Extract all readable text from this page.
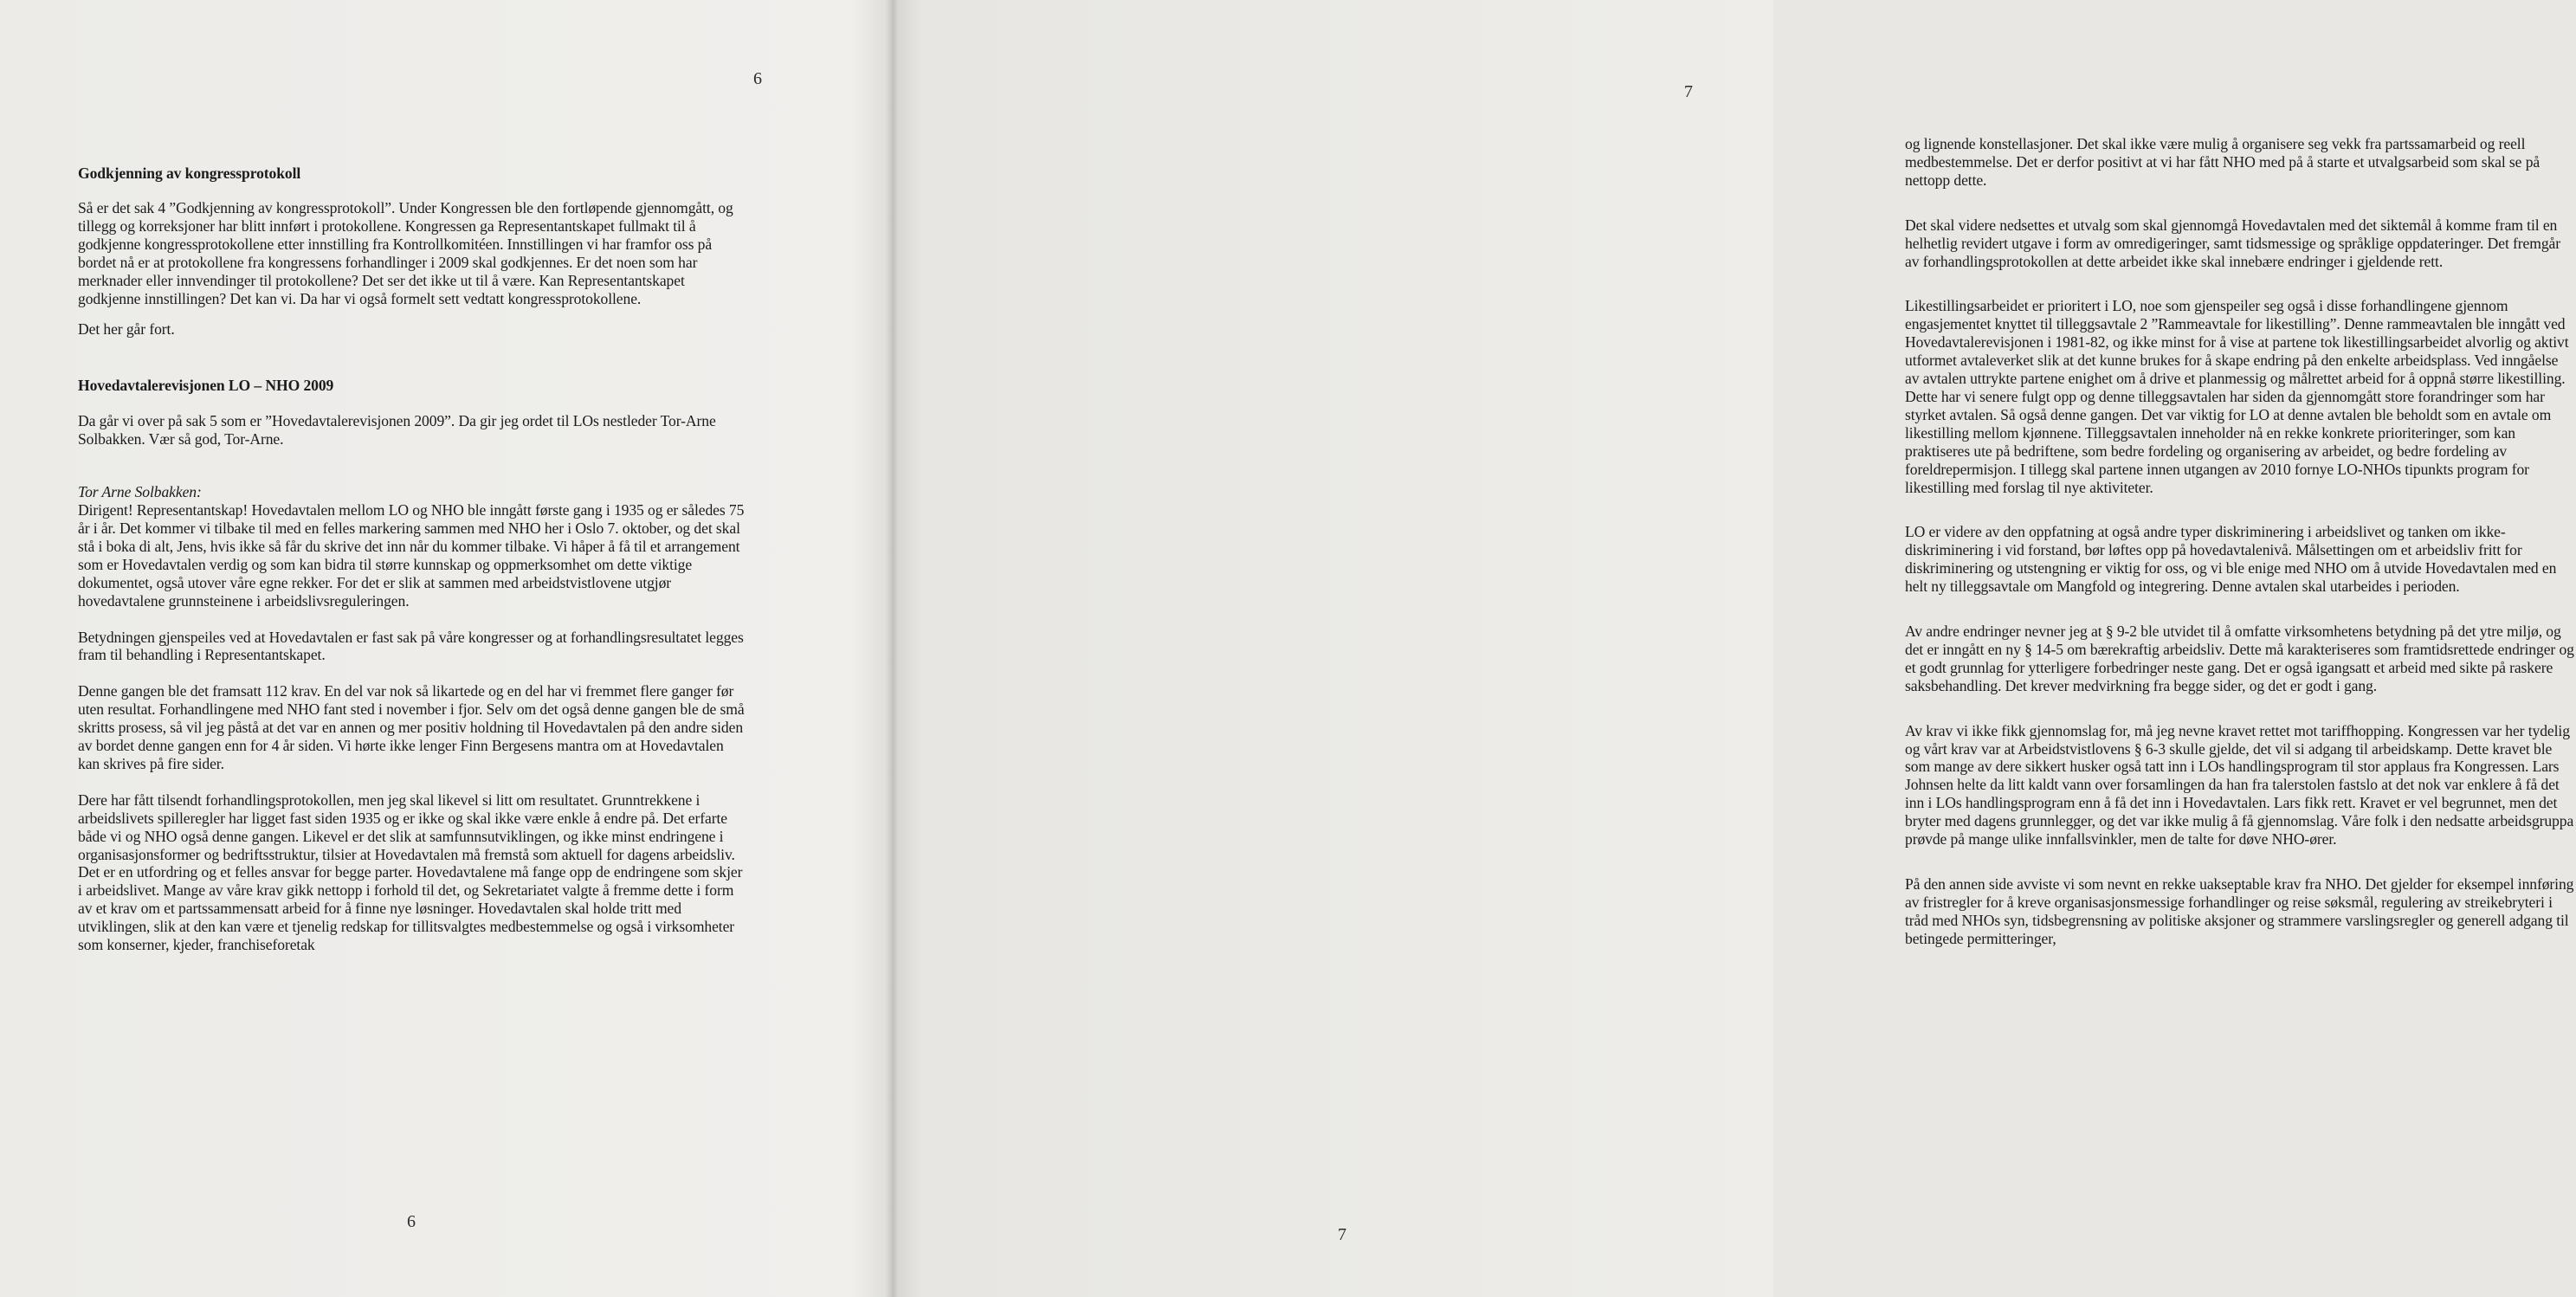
6

Godkjenning av kongressprotokoll

Så er det sak 4 ”Godkjenning av kongressprotokoll”. Under Kongressen ble den fortløpende gjennomgått, og tillegg og korreksjoner har blitt innført i protokollene. Kongressen ga Representantskapet fullmakt til å godkjenne kongressprotokollene etter innstilling fra Kontrollkomitéen. Innstillingen vi har framfor oss på bordet nå er at protokollene fra kongressens forhandlinger i 2009 skal godkjennes. Er det noen som har merknader eller innvendinger til protokollene? Det ser det ikke ut til å være. Kan Representantskapet godkjenne innstillingen? Det kan vi. Da har vi også formelt sett vedtatt kongressprotokollene.

Det her går fort.

Hovedavtalerevisjonen LO – NHO 2009

Da går vi over på sak 5 som er ”Hovedavtalerevisjonen 2009”. Da gir jeg ordet til LOs nestleder Tor-Arne Solbakken. Vær så god, Tor-Arne.

Tor Arne Solbakken:

Dirigent! Representantskap! Hovedavtalen mellom LO og NHO ble inngått første gang i 1935 og er således 75 år i år. Det kommer vi tilbake til med en felles markering sammen med NHO her i Oslo 7. oktober, og det skal stå i boka di alt, Jens, hvis ikke så får du skrive det inn når du kommer tilbake. Vi håper å få til et arrangement som er Hovedavtalen verdig og som kan bidra til større kunnskap og oppmerksomhet om dette viktige dokumentet, også utover våre egne rekker. For det er slik at sammen med arbeidstvistlovene utgjør hovedavtalene grunnsteinene i arbeidslivsreguleringen.

Betydningen gjenspeiles ved at Hovedavtalen er fast sak på våre kongresser og at forhandlingsresultatet legges fram til behandling i Representantskapet.

Denne gangen ble det framsatt 112 krav. En del var nok så likartede og en del har vi fremmet flere ganger før uten resultat. Forhandlingene med NHO fant sted i november i fjor. Selv om det også denne gangen ble de små skritts prosess, så vil jeg påstå at det var en annen og mer positiv holdning til Hovedavtalen på den andre siden av bordet denne gangen enn for 4 år siden. Vi hørte ikke lenger Finn Bergesens mantra om at Hovedavtalen kan skrives på fire sider.

Dere har fått tilsendt forhandlingsprotokollen, men jeg skal likevel si litt om resultatet. Grunntrekkene i arbeidslivets spilleregler har ligget fast siden 1935 og er ikke og skal ikke være enkle å endre på. Det erfarte både vi og NHO også denne gangen. Likevel er det slik at samfunnsutviklingen, og ikke minst endringene i organisasjonsformer og bedriftsstruktur, tilsier at Hovedavtalen må fremstå som aktuell for dagens arbeidsliv. Det er en utfordring og et felles ansvar for begge parter. Hovedavtalene må fange opp de endringene som skjer i arbeidslivet. Mange av våre krav gikk nettopp i forhold til det, og Sekretariatet valgte å fremme dette i form av et krav om et partssammensatt arbeid for å finne nye løsninger. Hovedavtalen skal holde tritt med utviklingen, slik at den kan være et tjenelig redskap for tillitsvalgtes medbestemmelse og også i virksomheter som konserner, kjeder, franchiseforetak

6
7

og lignende konstellasjoner. Det skal ikke være mulig å organisere seg vekk fra partssamarbeid og reell medbestemmelse. Det er derfor positivt at vi har fått NHO med på å starte et utvalgsarbeid som skal se på nettopp dette.

Det skal videre nedsettes et utvalg som skal gjennomgå Hovedavtalen med det siktemål å komme fram til en helhetlig revidert utgave i form av omredigeringer, samt tidsmessige og språklige oppdateringer. Det fremgår av forhandlingsprotokollen at dette arbeidet ikke skal innebære endringer i gjeldende rett.

Likestillingsarbeidet er prioritert i LO, noe som gjenspeiler seg også i disse forhandlingene gjennom engasjementet knyttet til tilleggsavtale 2 ”Rammeavtale for likestilling”. Denne rammeavtalen ble inngått ved Hovedavtalerevisjonen i 1981-82, og ikke minst for å vise at partene tok likestillingsarbeidet alvorlig og aktivt utformet avtaleverket slik at det kunne brukes for å skape endring på den enkelte arbeidsplass. Ved inngåelse av avtalen uttrykte partene enighet om å drive et planmessig og målrettet arbeid for å oppnå større likestilling. Dette har vi senere fulgt opp og denne tilleggsavtalen har siden da gjennomgått store forandringer som har styrket avtalen. Så også denne gangen. Det var viktig for LO at denne avtalen ble beholdt som en avtale om likestilling mellom kjønnene. Tilleggsavtalen inneholder nå en rekke konkrete prioriteringer, som kan praktiseres ute på bedriftene, som bedre fordeling og organisering av arbeidet, og bedre fordeling av foreldrepermisjon. I tillegg skal partene innen utgangen av 2010 fornye LO-NHOs tipunkts program for likestilling med forslag til nye aktiviteter.

LO er videre av den oppfatning at også andre typer diskriminering i arbeidslivet og tanken om ikke-diskriminering i vid forstand, bør løftes opp på hovedavtalenivå. Målsettingen om et arbeidsliv fritt for diskriminering og utstengning er viktig for oss, og vi ble enige med NHO om å utvide Hovedavtalen med en helt ny tilleggsavtale om Mangfold og integrering. Denne avtalen skal utarbeides i perioden.

Av andre endringer nevner jeg at § 9-2 ble utvidet til å omfatte virksomhetens betydning på det ytre miljø, og det er inngått en ny § 14-5 om bærekraftig arbeidsliv. Dette må karakteriseres som framtidsrettede endringer og et godt grunnlag for ytterligere forbedringer neste gang. Det er også igangsatt et arbeid med sikte på raskere saksbehandling. Det krever medvirkning fra begge sider, og det er godt i gang.

Av krav vi ikke fikk gjennomslag for, må jeg nevne kravet rettet mot tariffhopping. Kongressen var her tydelig og vårt krav var at Arbeidstvistlovens § 6-3 skulle gjelde, det vil si adgang til arbeidskamp. Dette kravet ble som mange av dere sikkert husker også tatt inn i LOs handlingsprogram til stor applaus fra Kongressen. Lars Johnsen helte da litt kaldt vann over forsamlingen da han fra talerstolen fastslo at det nok var enklere å få det inn i LOs handlingsprogram enn å få det inn i Hovedavtalen. Lars fikk rett. Kravet er vel begrunnet, men det bryter med dagens grunnlegger, og det var ikke mulig å få gjennomslag. Våre folk i den nedsatte arbeidsgruppa prøvde på mange ulike innfallsvinkler, men de talte for døve NHO-ører.

På den annen side avviste vi som nevnt en rekke uakseptable krav fra NHO. Det gjelder for eksempel innføring av fristregler for å kreve organisasjonsmessige forhandlinger og reise søksmål, regulering av streikebryteri i tråd med NHOs syn, tidsbegrensning av politiske aksjoner og strammere varslingsregler og generell adgang til betingede permitteringer,

7
